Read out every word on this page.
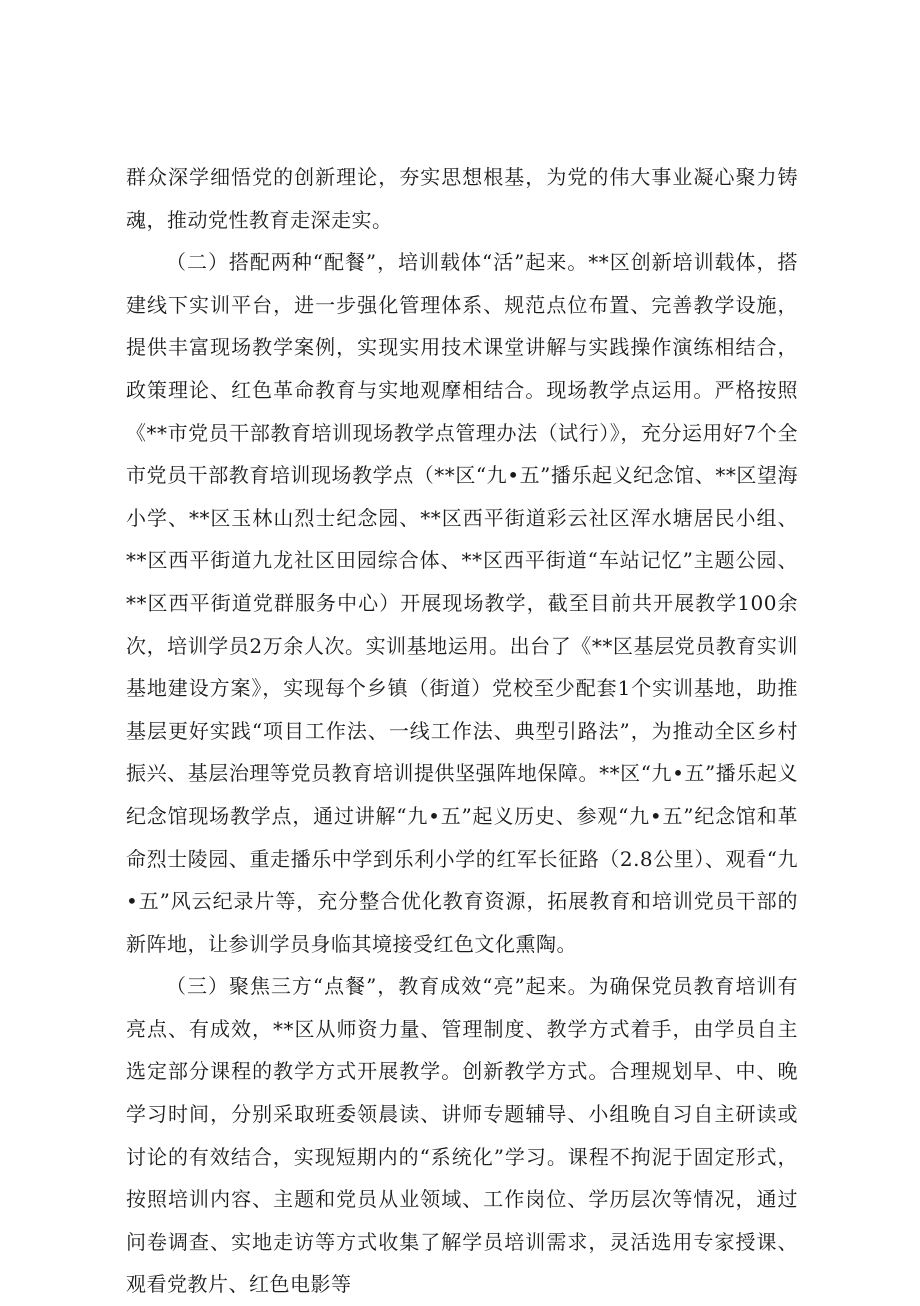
群众深学细悟党的创新理论，夯实思想根基，为党的伟大事业凝心聚力铸魂，推动党性教育走深走实。

（二）搭配两种“配餐”，培训载体“活”起来。**区创新培训载体，搭建线下实训平台，进一步强化管理体系、规范点位布置、完善教学设施，提供丰富现场教学案例，实现实用技术课堂讲解与实践操作演练相结合，政策理论、红色革命教育与实地观摩相结合。现场教学点运用。严格按照《**市党员干部教育培训现场教学点管理办法（试行）》，充分运用好7个全市党员干部教育培训现场教学点（**区“九•五”播乐起义纪念馆、**区望海小学、**区玉林山烈士纪念园、**区西平街道彩云社区浑水塘居民小组、**区西平街道九龙社区田园综合体、**区西平街道“车站记忆”主题公园、**区西平街道党群服务中心）开展现场教学，截至目前共开展教学100余次，培训学员2万余人次。实训基地运用。出台了《**区基层党员教育实训基地建设方案》，实现每个乡镇（街道）党校至少配套1个实训基地，助推基层更好实践“项目工作法、一线工作法、典型引路法”，为推动全区乡村振兴、基层治理等党员教育培训提供坚强阵地保障。**区“九•五”播乐起义纪念馆现场教学点，通过讲解“九•五”起义历史、参观“九•五”纪念馆和革命烈士陵园、重走播乐中学到乐利小学的红军长征路（2.8公里）、观看“九•五”风云纪录片等，充分整合优化教育资源，拓展教育和培训党员干部的新阵地，让参训学员身临其境接受红色文化熏陶。

（三）聚焦三方“点餐”，教育成效“亮”起来。为确保党员教育培训有亮点、有成效，**区从师资力量、管理制度、教学方式着手，由学员自主选定部分课程的教学方式开展教学。创新教学方式。合理规划早、中、晚学习时间，分别采取班委领晨读、讲师专题辅导、小组晚自习自主研读或讨论的有效结合，实现短期内的“系统化”学习。课程不拘泥于固定形式，按照培训内容、主题和党员从业领域、工作岗位、学历层次等情况，通过问卷调查、实地走访等方式收集了解学员培训需求，灵活选用专家授课、观看党教片、红色电影等
